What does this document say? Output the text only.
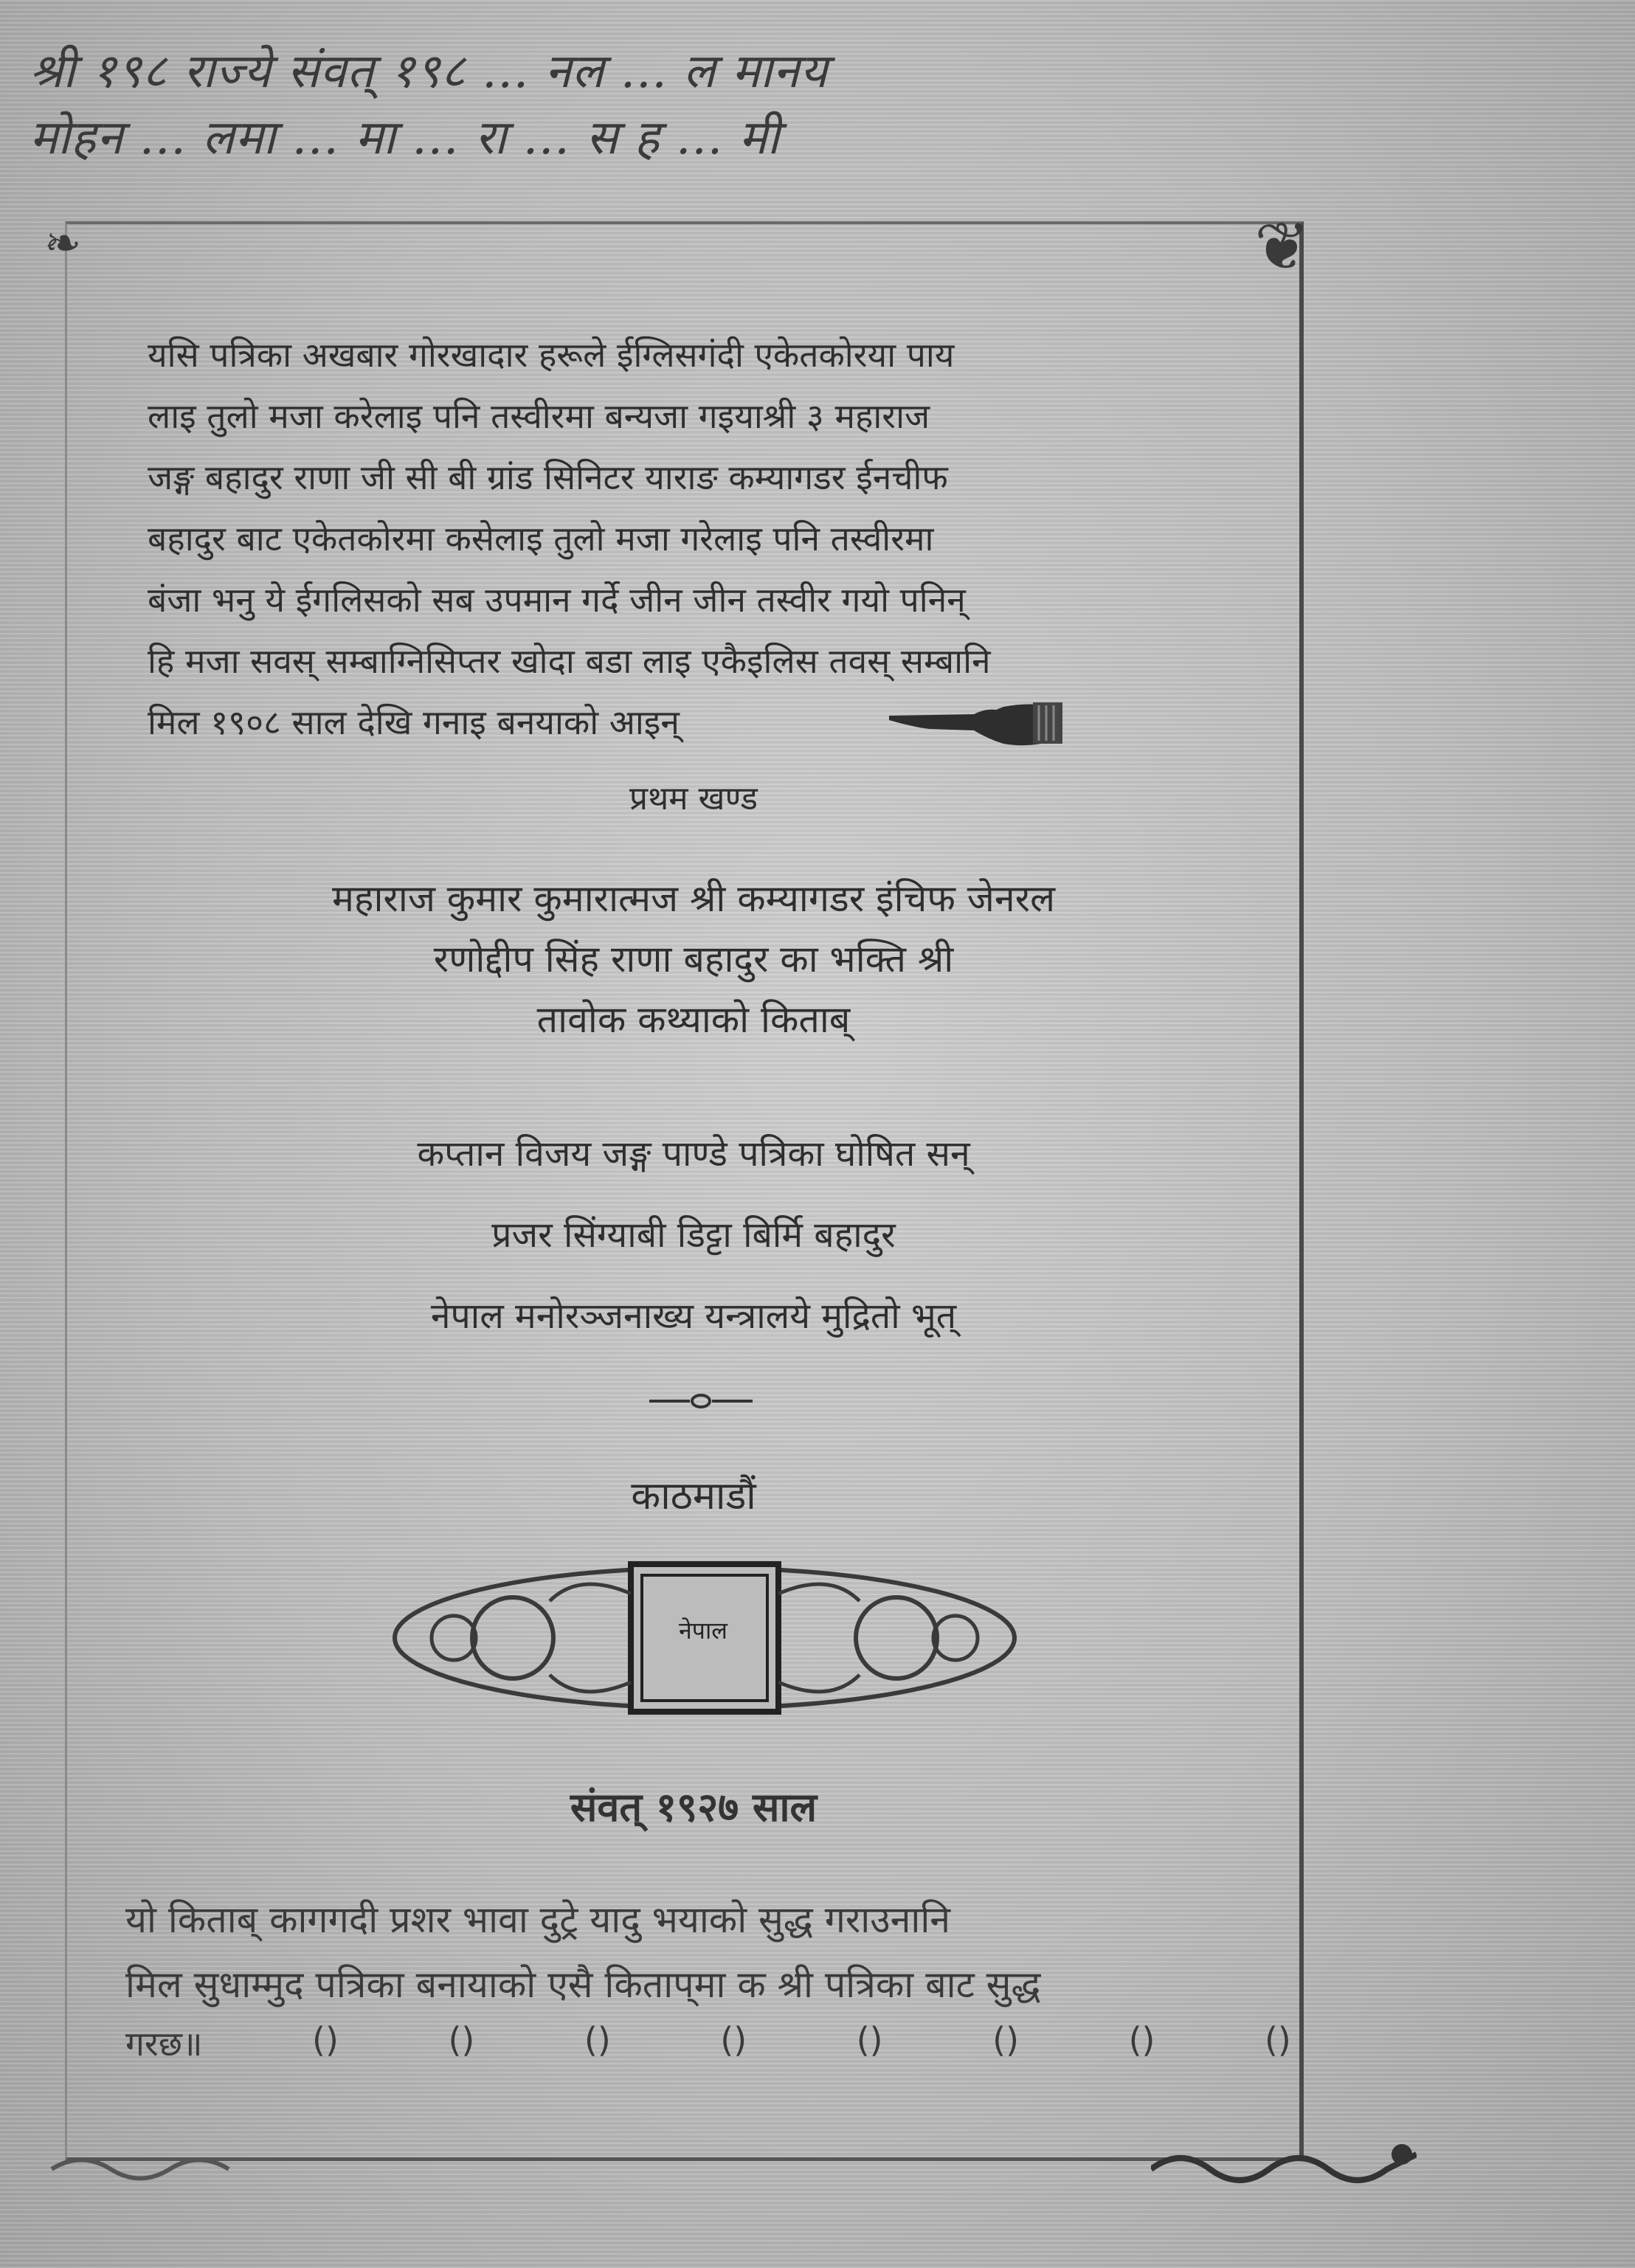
श्री १९८ राज्ये संवत् १९८ ... नल ... ल मानय
मोहन ... लमा ... मा ... रा ... स ह ... मी
❦
❧
यसि पत्रिका अखबार गोरखादार हरूले ईग्लिसगंदी एकेतकोरया पाय
लाइ तुलो मजा करेलाइ पनि तस्वीरमा बन्यजा गइयाश्री ३ महाराज
जङ्ग बहादुर राणा जी सी बी ग्रांड सिनिटर याराङ कम्यागडर ईनचीफ
बहादुर बाट एकेतकोरमा कसेलाइ तुलो मजा गरेलाइ पनि तस्वीरमा
बंजा भनु ये ईगलिसको सब उपमान गर्दे जीन जीन तस्वीर गयो पनिन्
हि मजा सवस् सम्बाग्निसिप्तर खोदा बडा लाइ एकैइलिस तवस् सम्बानि
मिल १९०८ साल देखि गनाइ बनयाको आइन्
प्रथम खण्ड
महाराज कुमार कुमारात्मज श्री कम्यागडर इंचिफ जेनरल
रणोद्दीप सिंह राणा बहादुर का भक्ति श्री
तावोक कथ्याको किताब्
कप्तान विजय जङ्ग पाण्डे पत्रिका घोषित सन्
प्रजर सिंग्याबी डिट्टा बिर्मि बहादुर
नेपाल मनोरञ्जनाख्य यन्त्रालये मुद्रितो भूत्
काठमाडौं
नेपाल
संवत् १९२७ साल
यो किताब् कागगदी प्रशर भावा दुट्रे यादु भयाको सुद्ध गराउनानि
मिल सुधाम्मुद पत्रिका बनायाको एसै किताप्‌मा क श्री पत्रिका बाट सुद्ध
गरछ॥	()	()	()	()	()	()	()	()
